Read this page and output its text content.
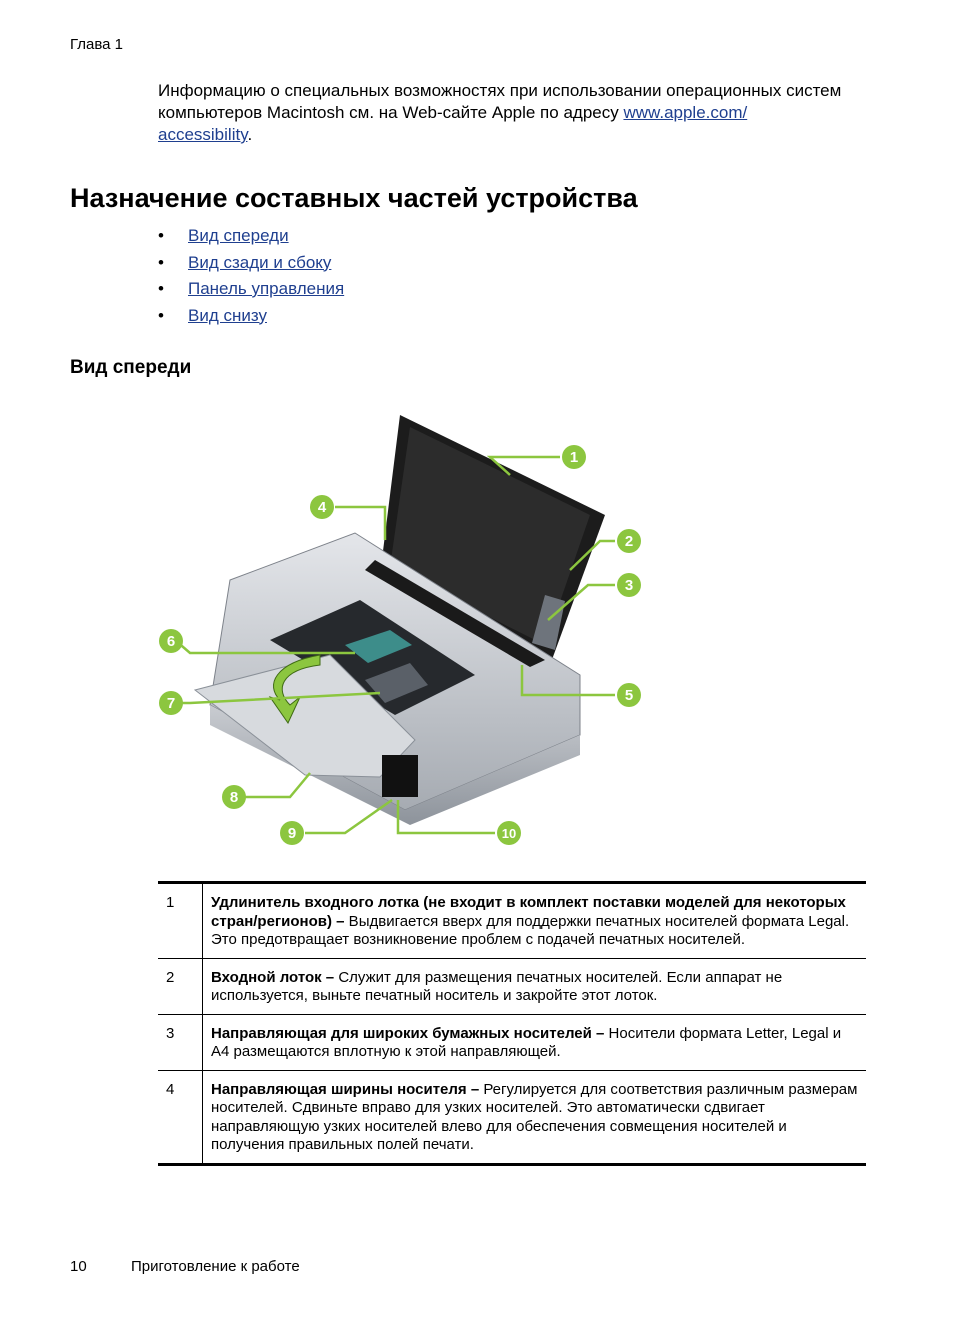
Глава 1
Информацию о специальных возможностях при использовании операционных систем компьютеров Macintosh см. на Web-сайте Apple по адресу www.apple.com/
accessibility.
Назначение составных частей устройства
• Вид спереди
• Вид сзади и сбоку
• Панель управления
• Вид снизу
Вид спереди
1
2
3
4
5
6
7
8
9	10
1	Удлинитель входного лотка (не входит в комплект поставки моделей для некоторых стран/регионов) – Выдвигается вверх для поддержки печатных носителей формата Legal. Это предотвращает возникновение проблем с подачей печатных носителей.
2	Входной лоток – Служит для размещения печатных носителей. Если аппарат не используется, выньте печатный носитель и закройте этот лоток.
3	Направляющая для широких бумажных носителей – Носители формата Letter, Legal и A4 размещаются вплотную к этой направляющей.
4	Направляющая ширины носителя – Регулируется для соответствия различным размерам носителей. Сдвиньте вправо для узких носителей. Это автоматически сдвигает направляющую узких носителей влево для обеспечения совмещения носителей и получения правильных полей печати.
10	Приготовление к работе
